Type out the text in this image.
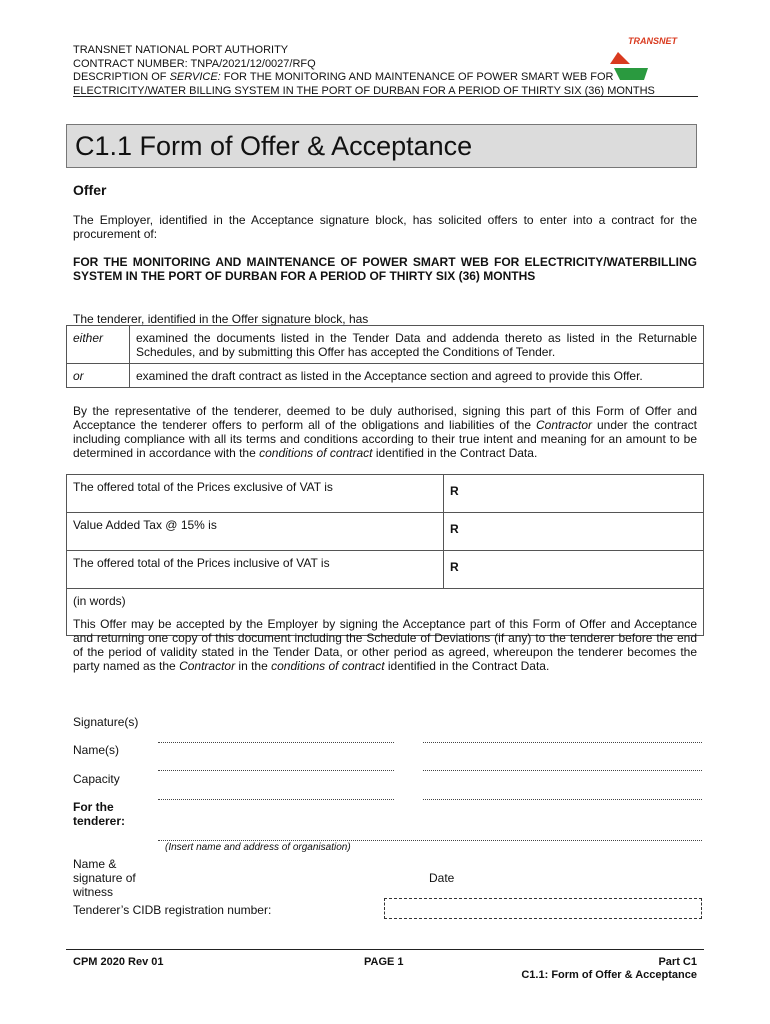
TRANSNET NATIONAL PORT AUTHORITY
CONTRACT NUMBER: TNPA/2021/12/0027/RFQ
DESCRIPTION OF SERVICE: FOR THE MONITORING AND MAINTENANCE OF POWER SMART WEB FOR
ELECTRICITY/WATER BILLING SYSTEM IN THE PORT OF DURBAN FOR A PERIOD OF THIRTY SIX (36) MONTHS
TRANSNET
C1.1 Form of Offer & Acceptance
Offer
The Employer, identified in the Acceptance signature block, has solicited offers to enter into a contract for the procurement of:
FOR THE MONITORING AND MAINTENANCE OF POWER SMART WEB FOR ELECTRICITY/WATERBILLING SYSTEM IN THE PORT OF DURBAN FOR A PERIOD OF THIRTY SIX (36) MONTHS
The tenderer, identified in the Offer signature block, has
either	examined the documents listed in the Tender Data and addenda thereto as listed in the Returnable Schedules, and by submitting this Offer has accepted the Conditions of Tender.
or	examined the draft contract as listed in the Acceptance section and agreed to provide this Offer.
By the representative of the tenderer, deemed to be duly authorised, signing this part of this Form of Offer and Acceptance the tenderer offers to perform all of the obligations and liabilities of the Contractor under the contract including compliance with all its terms and conditions according to their true intent and meaning for an amount to be determined in accordance with the conditions of contract identified in the Contract Data.
The offered total of the Prices exclusive of VAT is	R
Value Added Tax @ 15% is	R
The offered total of the Prices inclusive of VAT is	R
(in words)	
This Offer may be accepted by the Employer by signing the Acceptance part of this Form of Offer and Acceptance and returning one copy of this document including the Schedule of Deviations (if any) to the tenderer before the end of the period of validity stated in the Tender Data, or other period as agreed, whereupon the tenderer becomes the party named as the Contractor in the conditions of contract identified in the Contract Data.
Signature(s)
Name(s)
Capacity
For the
tenderer:
(Insert name and address of organisation)
Name &
signature of
witness
Date
Tenderer’s CIDB registration number:
CPM 2020 Rev 01	PAGE 1	Part C1
C1.1: Form of Offer & Acceptance
